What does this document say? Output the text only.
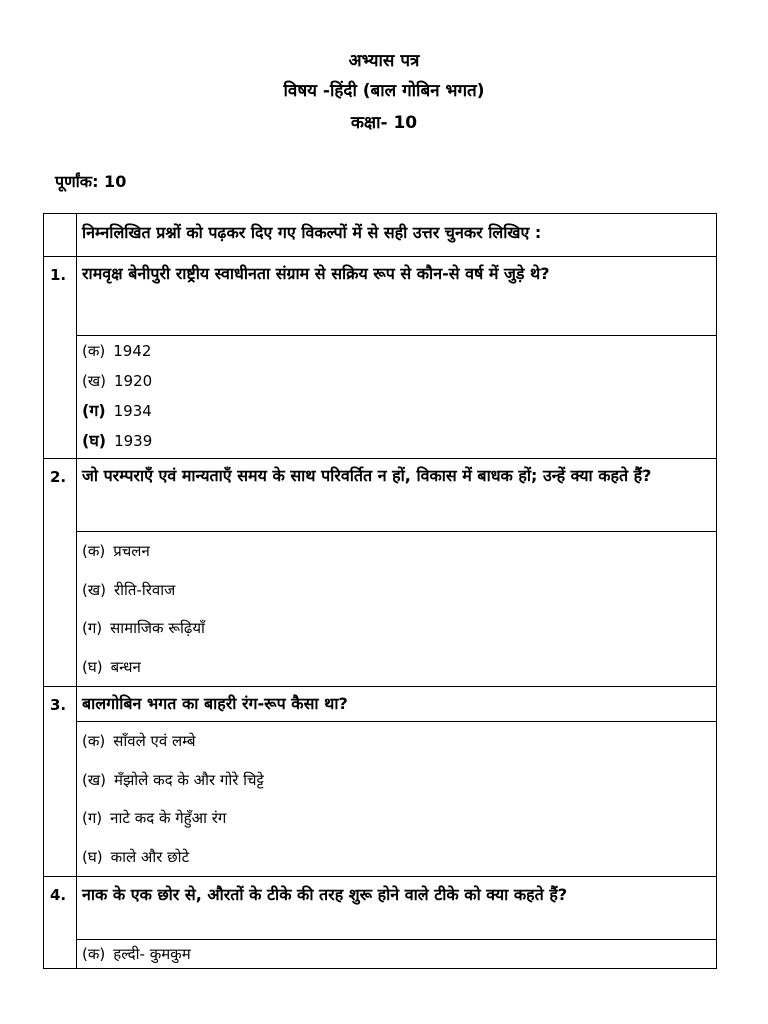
अभ्यास पत्र
विषय -हिंदी (बाल गोबिन भगत)
कक्षा- 10
पूर्णांक: 10
	निम्नलिखित प्रश्नों को पढ़कर दिए गए विकल्पों में से सही उत्तर चुनकर लिखिए :
1.	रामवृक्ष बेनीपुरी राष्ट्रीय स्वाधीनता संग्राम से सक्रिय रूप से कौन-से वर्ष में जुड़े थे?

	(क) 1942
(ख) 1920
(ग) 1934
(घ) 1939

2.	जो परम्पराएँ एवं मान्यताएँ समय के साथ परिवर्तित न हों, विकास में बाधक हों; उन्हें क्या कहते हैं?

	(क) प्रचलन
(ख) रीति-रिवाज
(ग) सामाजिक रूढ़ियाँ
(घ) बन्धन

3.	बालगोबिन भगत का बाहरी रंग-रूप कैसा था?

	(क) साँवले एवं लम्बे
(ख) मँझोले कद के और गोरे चिट्टे
(ग) नाटे कद के गेहुँआ रंग
(घ) काले और छोटे

4.	नाक के एक छोर से, औरतों के टीके की तरह शुरू होने वाले टीके को क्या कहते हैं?

	(क) हल्दी- कुमकुम
